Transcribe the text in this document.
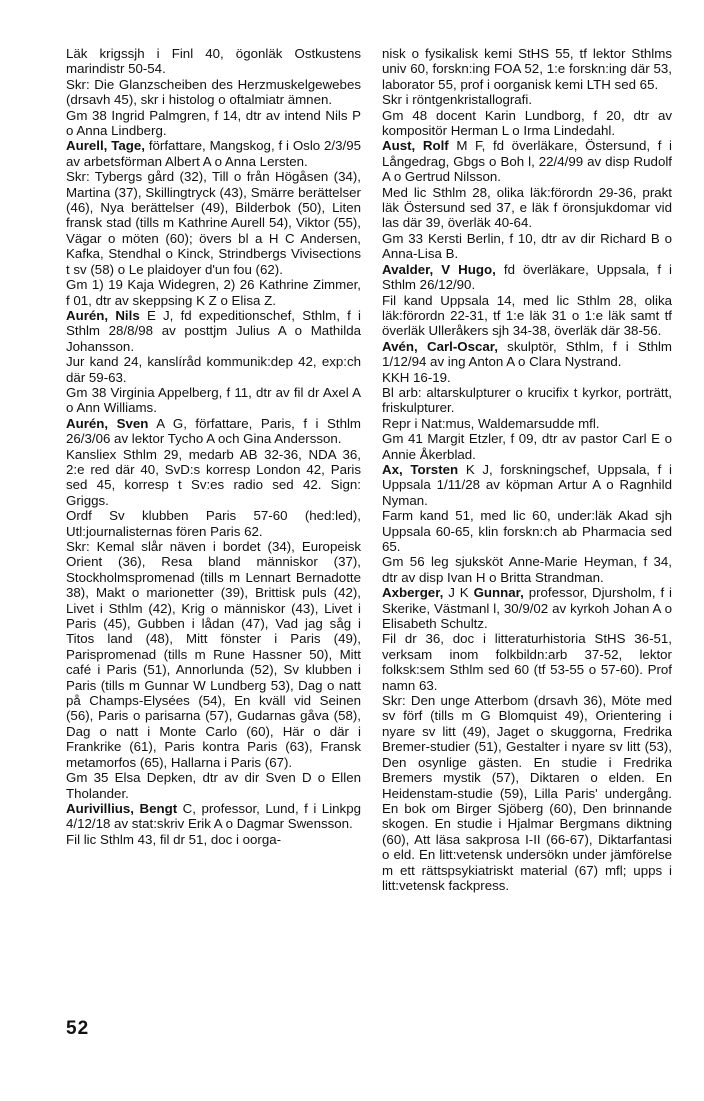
Läk krigssjh i Finl 40, ögonläk Ostkustens marindistr 50-54.

Skr: Die Glanzscheiben des Herzmuskelgewebes (drsavh 45), skr i histolog o oftalmiatr ämnen.

Gm 38 Ingrid Palmgren, f 14, dtr av intend Nils P o Anna Lindberg.

Aurell, Tage, författare, Mangskog, f i Oslo 2/3/95 av arbetsförman Albert A o Anna Lersten.

Skr: Tybergs gård (32), Till o från Högåsen (34), Martina (37), Skillingtryck (43), Smärre berättelser (46), Nya berättelser (49), Bilderbok (50), Liten fransk stad (tills m Kathrine Aurell 54), Viktor (55), Vägar o möten (60); övers bl a H C Andersen, Kafka, Stendhal o Kinck, Strindbergs Vivisections t sv (58) o Le plaidoyer d'un fou (62).

Gm 1) 19 Kaja Widegren, 2) 26 Kathrine Zimmer, f 01, dtr av skeppsing K Z o Elisa Z.

Aurén, Nils E J, fd expeditionschef, Sthlm, f i Sthlm 28/8/98 av posttjm Julius A o Mathilda Johansson.

Jur kand 24, kanslíråd kommunik:dep 42, exp:ch där 59-63.

Gm 38 Virginia Appelberg, f 11, dtr av fil dr Axel A o Ann Williams.

Aurén, Sven A G, författare, Paris, f i Sthlm 26/3/06 av lektor Tycho A och Gina Andersson.

Kansliex Sthlm 29, medarb AB 32-36, NDA 36, 2:e red där 40, SvD:s korresp London 42, Paris sed 45, korresp t Sv:es radio sed 42. Sign: Griggs.

Ordf Sv klubben Paris 57-60 (hed:led), Utl:journalisternas fören Paris 62.

Skr: Kemal slår näven i bordet (34), Europeisk Orient (36), Resa bland människor (37), Stockholmspromenad (tills m Lennart Bernadotte 38), Makt o marionetter (39), Brittisk puls (42), Livet i Sthlm (42), Krig o människor (43), Livet i Paris (45), Gubben i lådan (47), Vad jag såg i Titos land (48), Mitt fönster i Paris (49), Parispromenad (tills m Rune Hassner 50), Mitt café i Paris (51), Annorlunda (52), Sv klubben i Paris (tills m Gunnar W Lundberg 53), Dag o natt på Champs-Elysées (54), En kväll vid Seinen (56), Paris o parisarna (57), Gudarnas gåva (58), Dag o natt i Monte Carlo (60), Här o där i Frankrike (61), Paris kontra Paris (63), Fransk metamorfos (65), Hallarna i Paris (67).

Gm 35 Elsa Depken, dtr av dir Sven D o Ellen Tholander.

Aurivillius, Bengt C, professor, Lund, f i Linkpg 4/12/18 av stat:skriv Erik A o Dagmar Swensson.

Fil lic Sthlm 43, fil dr 51, doc i oorga-

nisk o fysikalisk kemi StHS 55, tf lektor Sthlms univ 60, forskn:ing FOA 52, 1:e forskn:ing där 53, laborator 55, prof i oorganisk kemi LTH sed 65.

Skr i röntgenkristallografi.

Gm 48 docent Karin Lundborg, f 20, dtr av kompositör Herman L o Irma Lindedahl.

Aust, Rolf M F, fd överläkare, Östersund, f i Långedrag, Gbgs o Boh l, 22/4/99 av disp Rudolf A o Gertrud Nilsson.

Med lic Sthlm 28, olika läk:förordn 29-36, prakt läk Östersund sed 37, e läk f öronsjukdomar vid las där 39, överläk 40-64.

Gm 33 Kersti Berlin, f 10, dtr av dir Richard B o Anna-Lisa B.

Avalder, V Hugo, fd överläkare, Uppsala, f i Sthlm 26/12/90.

Fil kand Uppsala 14, med lic Sthlm 28, olika läk:förordn 22-31, tf 1:e läk 31 o 1:e läk samt tf överläk Ulleråkers sjh 34-38, överläk där 38-56.

Avén, Carl-Oscar, skulptör, Sthlm, f i Sthlm 1/12/94 av ing Anton A o Clara Nystrand.

KKH 16-19.

Bl arb: altarskulpturer o krucifix t kyrkor, porträtt, friskulpturer.

Repr i Nat:mus, Waldemarsudde mfl.

Gm 41 Margit Etzler, f 09, dtr av pastor Carl E o Annie Åkerblad.

Ax, Torsten K J, forskningschef, Uppsala, f i Uppsala 1/11/28 av köpman Artur A o Ragnhild Nyman.

Farm kand 51, med lic 60, under:läk Akad sjh Uppsala 60-65, klin forskn:ch ab Pharmacia sed 65.

Gm 56 leg sjuksköt Anne-Marie Heyman, f 34, dtr av disp Ivan H o Britta Strandman.

Axberger, J K Gunnar, professor, Djursholm, f i Skerike, Västmanl l, 30/9/02 av kyrkoh Johan A o Elisabeth Schultz.

Fil dr 36, doc i litteraturhistoria StHS 36-51, verksam inom folkbildn:arb 37-52, lektor folksk:sem Sthlm sed 60 (tf 53-55 o 57-60). Prof namn 63.

Skr: Den unge Atterbom (drsavh 36), Möte med sv förf (tills m G Blomquist 49), Orientering i nyare sv litt (49), Jaget o skuggorna, Fredrika Bremer-studier (51), Gestalter i nyare sv litt (53), Den osynlige gästen. En studie i Fredrika Bremers mystik (57), Diktaren o elden. En Heidenstam-studie (59), Lilla Paris' undergång. En bok om Birger Sjöberg (60), Den brinnande skogen. En studie i Hjalmar Bergmans diktning (60), Att läsa sakprosa I-II (66-67), Diktarfantasi o eld. En litt:vetensk undersökn under jämförelse m ett rättspsykiatriskt material (67) mfl; upps i litt:vetensk fackpress.

52
